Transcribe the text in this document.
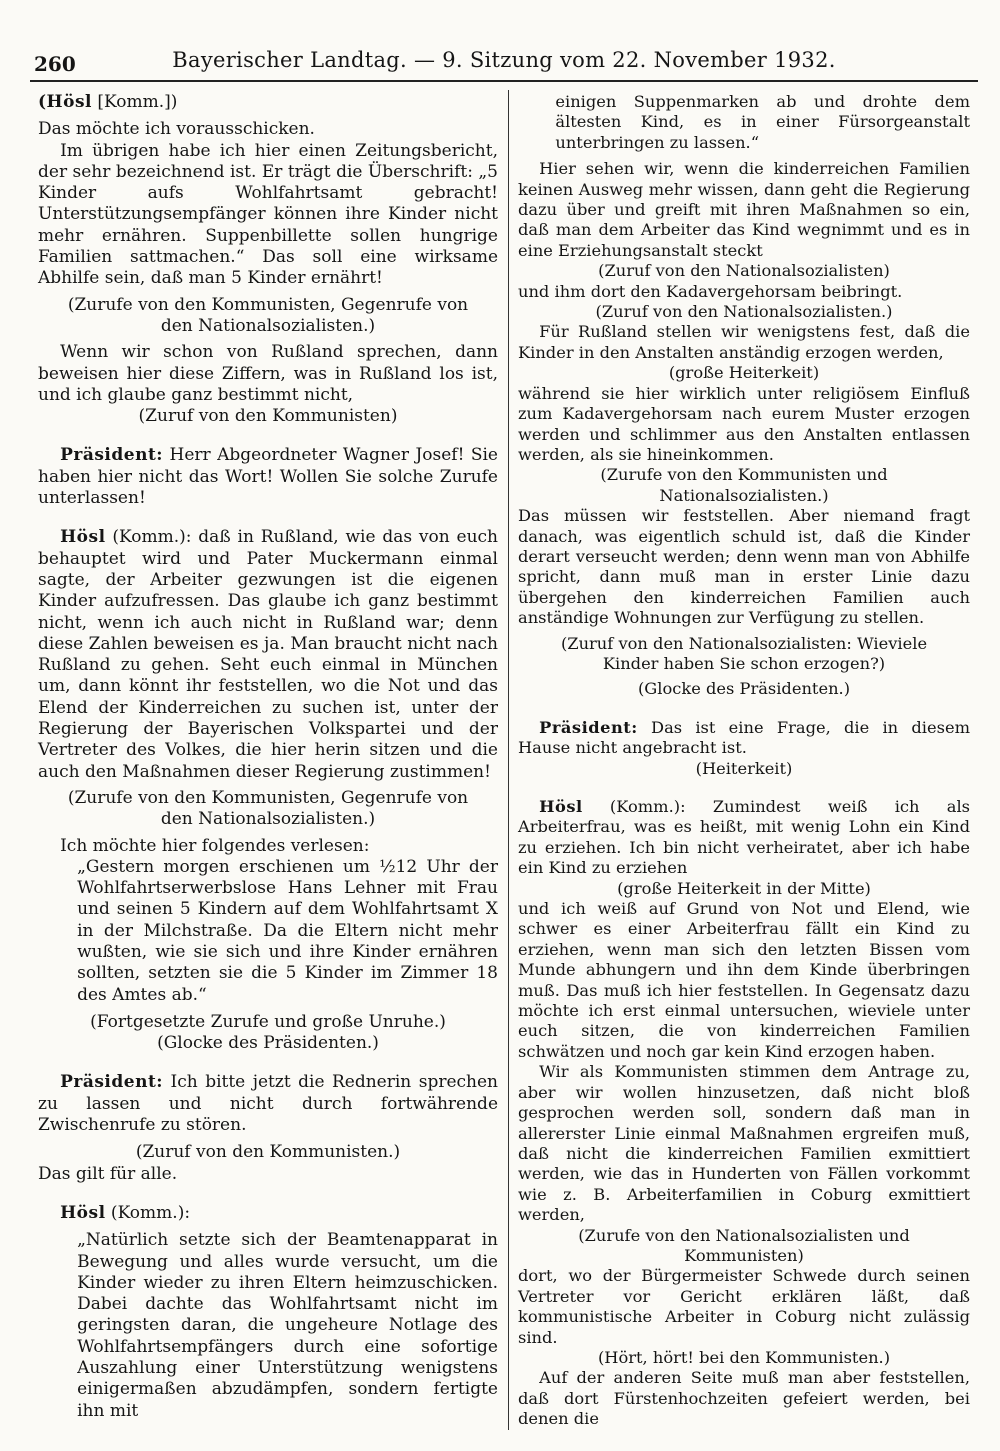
260	Bayerischer Landtag. — 9. Sitzung vom 22. November 1932.

(Hösl [Komm.])

Das möchte ich vorausschicken.

Im übrigen habe ich hier einen Zeitungsbericht, der sehr bezeichnend ist. Er trägt die Überschrift: „5 Kinder aufs Wohlfahrtsamt gebracht! Unterstützungsempfänger können ihre Kinder nicht mehr ernähren. Suppenbillette sollen hungrige Familien sattmachen.“ Das soll eine wirksame Abhilfe sein, daß man 5 Kinder ernährt!

(Zurufe von den Kommunisten, Gegenrufe von den Nationalsozialisten.)

Wenn wir schon von Rußland sprechen, dann beweisen hier diese Ziffern, was in Rußland los ist, und ich glaube ganz bestimmt nicht,

(Zuruf von den Kommunisten)

Präsident: Herr Abgeordneter Wagner Josef! Sie haben hier nicht das Wort! Wollen Sie solche Zurufe unterlassen!

Hösl (Komm.): daß in Rußland, wie das von euch behauptet wird und Pater Muckermann einmal sagte, der Arbeiter gezwungen ist die eigenen Kinder aufzufressen. Das glaube ich ganz bestimmt nicht, wenn ich auch nicht in Rußland war; denn diese Zahlen beweisen es ja. Man braucht nicht nach Rußland zu gehen. Seht euch einmal in München um, dann könnt ihr feststellen, wo die Not und das Elend der Kinderreichen zu suchen ist, unter der Regierung der Bayerischen Volkspartei und der Vertreter des Volkes, die hier herin sitzen und die auch den Maßnahmen dieser Regierung zustimmen!

(Zurufe von den Kommunisten, Gegenrufe von den Nationalsozialisten.)

Ich möchte hier folgendes verlesen:

„Gestern morgen erschienen um ½12 Uhr der Wohlfahrtserwerbslose Hans Lehner mit Frau und seinen 5 Kindern auf dem Wohlfahrtsamt X in der Milchstraße. Da die Eltern nicht mehr wußten, wie sie sich und ihre Kinder ernähren sollten, setzten sie die 5 Kinder im Zimmer 18 des Amtes ab.“

(Fortgesetzte Zurufe und große Unruhe.)

(Glocke des Präsidenten.)

Präsident: Ich bitte jetzt die Rednerin sprechen zu lassen und nicht durch fortwährende Zwischenrufe zu stören.

(Zuruf von den Kommunisten.)

Das gilt für alle.

Hösl (Komm.):

„Natürlich setzte sich der Beamtenapparat in Bewegung und alles wurde versucht, um die Kinder wieder zu ihren Eltern heimzuschicken. Dabei dachte das Wohlfahrtsamt nicht im geringsten daran, die ungeheure Notlage des Wohlfahrtsempfängers durch eine sofortige Auszahlung einer Unterstützung wenigstens einigermaßen abzudämpfen, sondern fertigte ihn mit

einigen Suppenmarken ab und drohte dem ältesten Kind, es in einer Fürsorgeanstalt unterbringen zu lassen.“

Hier sehen wir, wenn die kinderreichen Familien keinen Ausweg mehr wissen, dann geht die Regierung dazu über und greift mit ihren Maßnahmen so ein, daß man dem Arbeiter das Kind wegnimmt und es in eine Erziehungsanstalt steckt

(Zuruf von den Nationalsozialisten)

und ihm dort den Kadavergehorsam beibringt.

(Zuruf von den Nationalsozialisten.)

Für Rußland stellen wir wenigstens fest, daß die Kinder in den Anstalten anständig erzogen werden,

(große Heiterkeit)

während sie hier wirklich unter religiösem Einfluß zum Kadavergehorsam nach eurem Muster erzogen werden und schlimmer aus den Anstalten entlassen werden, als sie hineinkommen.

(Zurufe von den Kommunisten und Nationalsozialisten.)

Das müssen wir feststellen. Aber niemand fragt danach, was eigentlich schuld ist, daß die Kinder derart verseucht werden; denn wenn man von Abhilfe spricht, dann muß man in erster Linie dazu übergehen den kinderreichen Familien auch anständige Wohnungen zur Verfügung zu stellen.

(Zuruf von den Nationalsozialisten: Wieviele Kinder haben Sie schon erzogen?)

(Glocke des Präsidenten.)

Präsident: Das ist eine Frage, die in diesem Hause nicht angebracht ist.

(Heiterkeit)

Hösl (Komm.): Zumindest weiß ich als Arbeiterfrau, was es heißt, mit wenig Lohn ein Kind zu erziehen. Ich bin nicht verheiratet, aber ich habe ein Kind zu erziehen

(große Heiterkeit in der Mitte)

und ich weiß auf Grund von Not und Elend, wie schwer es einer Arbeiterfrau fällt ein Kind zu erziehen, wenn man sich den letzten Bissen vom Munde abhungern und ihn dem Kinde überbringen muß. Das muß ich hier feststellen. In Gegensatz dazu möchte ich erst einmal untersuchen, wieviele unter euch sitzen, die von kinderreichen Familien schwätzen und noch gar kein Kind erzogen haben.

Wir als Kommunisten stimmen dem Antrage zu, aber wir wollen hinzusetzen, daß nicht bloß gesprochen werden soll, sondern daß man in allererster Linie einmal Maßnahmen ergreifen muß, daß nicht die kinderreichen Familien exmittiert werden, wie das in Hunderten von Fällen vorkommt wie z. B. Arbeiterfamilien in Coburg exmittiert werden,

(Zurufe von den Nationalsozialisten und Kommunisten)

dort, wo der Bürgermeister Schwede durch seinen Vertreter vor Gericht erklären läßt, daß kommunistische Arbeiter in Coburg nicht zulässig sind.

(Hört, hört! bei den Kommunisten.)

Auf der anderen Seite muß man aber feststellen, daß dort Fürstenhochzeiten gefeiert werden, bei denen die
